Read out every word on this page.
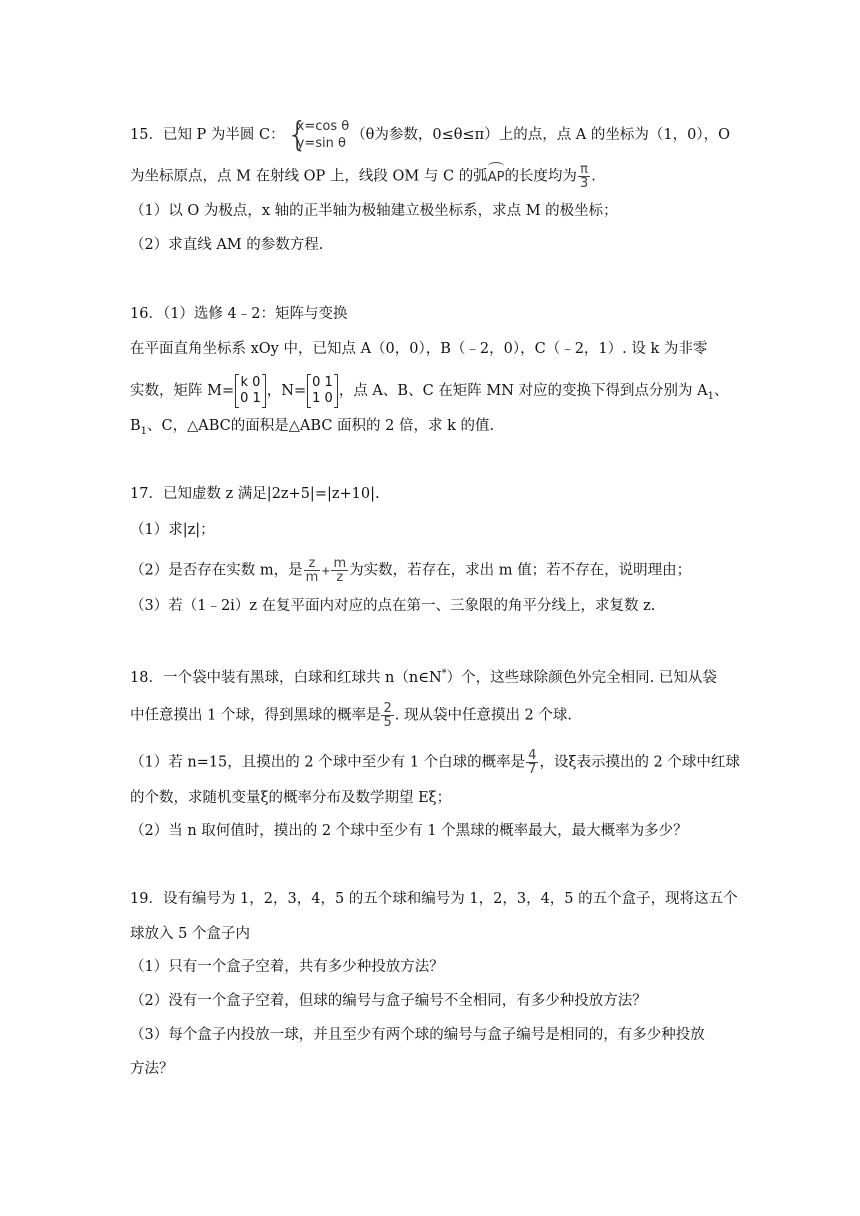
15．已知 P 为半圆 C： {
x=cos θ
y=sin θ
（θ为参数，0≤θ≤π）上的点，点 A 的坐标为（1，0），O
为坐标原点，点 M 在射线 OP 上，线段 OM 与 C 的弧AP的长度均为 $\frac{\pi}{3}$ .
（1）以 O 为极点，x 轴的正半轴为极轴建立极坐标系，求点 M 的极坐标；
（2）求直线 AM 的参数方程.
16．（1）选修 4﹣2：矩阵与变换
在平面直角坐标系 xOy 中，已知点 A（0，0），B（﹣2，0），C（﹣2，1）. 设 k 为非零
实数，矩阵 M=
k 0
0 1 ，N=
0 1
1 0 ，点 A、B、C 在矩阵 MN 对应的变换下得到点分别为 $A_1$、
$B_1$、C，△ABC的面积是△ABC 面积的 2 倍，求 k 的值.
17．已知虚数 z 满足|2z+5|=|z+10|.
（1）求|z|；
（2）是否存在实数 m，是 $\frac{z}{m} + \frac{m}{z}$ 为实数，若存在，求出 m 值；若不存在，说明理由；
（3）若（1﹣2i）z 在复平面内对应的点在第一、三象限的角平分线上，求复数 z.
18．一个袋中装有黑球，白球和红球共 n（n∈N*）个，这些球除颜色外完全相同. 已知从袋
中任意摸出 1 个球，得到黑球的概率是 $\frac{2}{5}$ . 现从袋中任意摸出 2 个球.
（1）若 n=15，且摸出的 2 个球中至少有 1 个白球的概率是 $\frac{4}{7}$ ，设ξ表示摸出的 2 个球中红球
的个数，求随机变量ξ的概率分布及数学期望 Eξ；
（2）当 n 取何值时，摸出的 2 个球中至少有 1 个黑球的概率最大，最大概率为多少？
19．设有编号为 1，2，3，4，5 的五个球和编号为 1，2，3，4，5 的五个盒子，现将这五个
球放入 5 个盒子内
（1）只有一个盒子空着，共有多少种投放方法？
（2）没有一个盒子空着，但球的编号与盒子编号不全相同，有多少种投放方法？
（3）每个盒子内投放一球，并且至少有两个球的编号与盒子编号是相同的，有多少种投放
方法？
